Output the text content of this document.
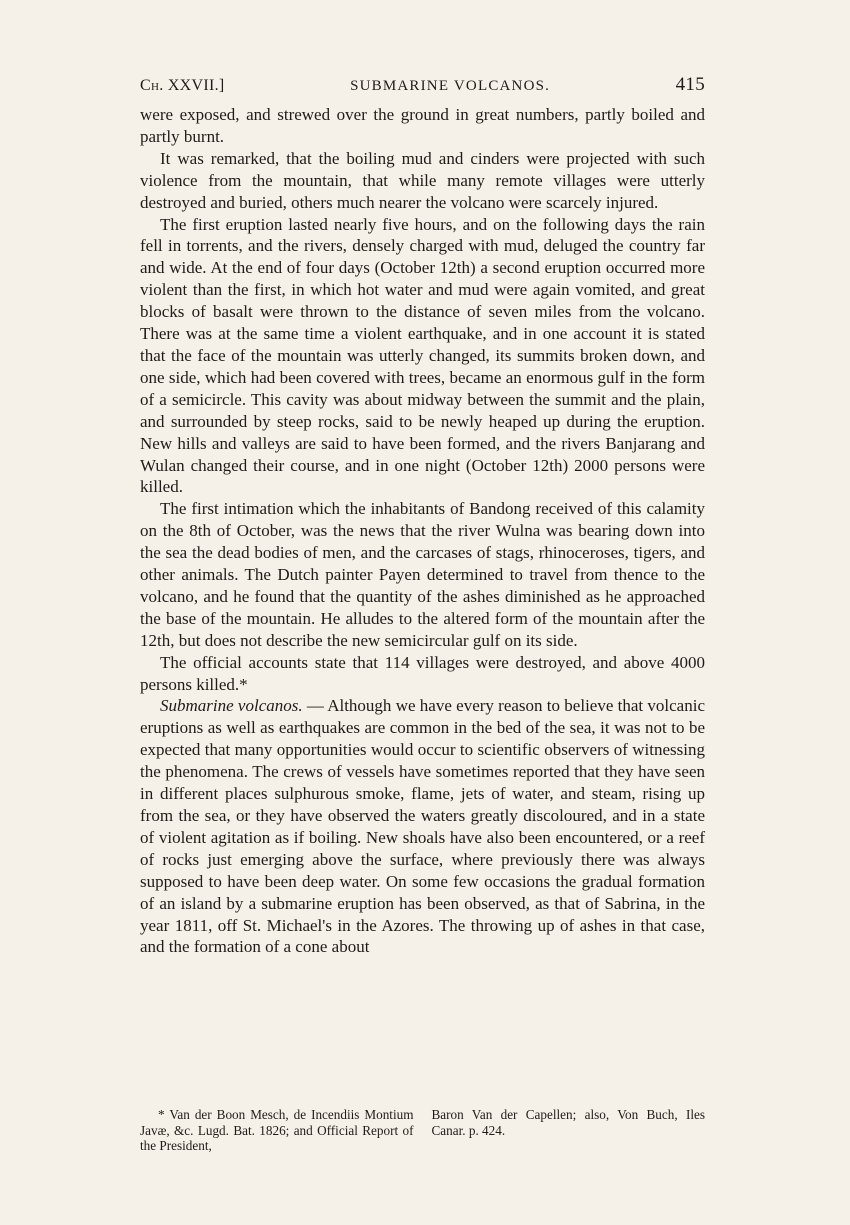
Ch. XXVII.]	SUBMARINE VOLCANOS.	415

were exposed, and strewed over the ground in great numbers, partly boiled and partly burnt.

It was remarked, that the boiling mud and cinders were projected with such violence from the mountain, that while many remote villages were utterly destroyed and buried, others much nearer the volcano were scarcely injured.

The first eruption lasted nearly five hours, and on the following days the rain fell in torrents, and the rivers, densely charged with mud, deluged the country far and wide. At the end of four days (October 12th) a second eruption occurred more violent than the first, in which hot water and mud were again vomited, and great blocks of basalt were thrown to the distance of seven miles from the volcano. There was at the same time a violent earthquake, and in one account it is stated that the face of the mountain was utterly changed, its summits broken down, and one side, which had been covered with trees, became an enormous gulf in the form of a semicircle. This cavity was about midway between the summit and the plain, and surrounded by steep rocks, said to be newly heaped up during the eruption. New hills and valleys are said to have been formed, and the rivers Banjarang and Wulan changed their course, and in one night (October 12th) 2000 persons were killed.

The first intimation which the inhabitants of Bandong received of this calamity on the 8th of October, was the news that the river Wulna was bearing down into the sea the dead bodies of men, and the carcases of stags, rhinoceroses, tigers, and other animals. The Dutch painter Payen determined to travel from thence to the volcano, and he found that the quantity of the ashes diminished as he approached the base of the mountain. He alludes to the altered form of the mountain after the 12th, but does not describe the new semicircular gulf on its side.

The official accounts state that 114 villages were destroyed, and above 4000 persons killed.*

Submarine volcanos. — Although we have every reason to believe that volcanic eruptions as well as earthquakes are common in the bed of the sea, it was not to be expected that many opportunities would occur to scientific observers of witnessing the phenomena. The crews of vessels have sometimes reported that they have seen in different places sulphurous smoke, flame, jets of water, and steam, rising up from the sea, or they have observed the waters greatly discoloured, and in a state of violent agitation as if boiling. New shoals have also been encountered, or a reef of rocks just emerging above the surface, where previously there was always supposed to have been deep water. On some few occasions the gradual formation of an island by a submarine eruption has been observed, as that of Sabrina, in the year 1811, off St. Michael's in the Azores. The throwing up of ashes in that case, and the formation of a cone about

* Van der Boon Mesch, de Incendiis Montium Javæ, &c. Lugd. Bat. 1826; and Official Report of the President,
Baron Van der Capellen; also, Von Buch, Iles Canar. p. 424.
